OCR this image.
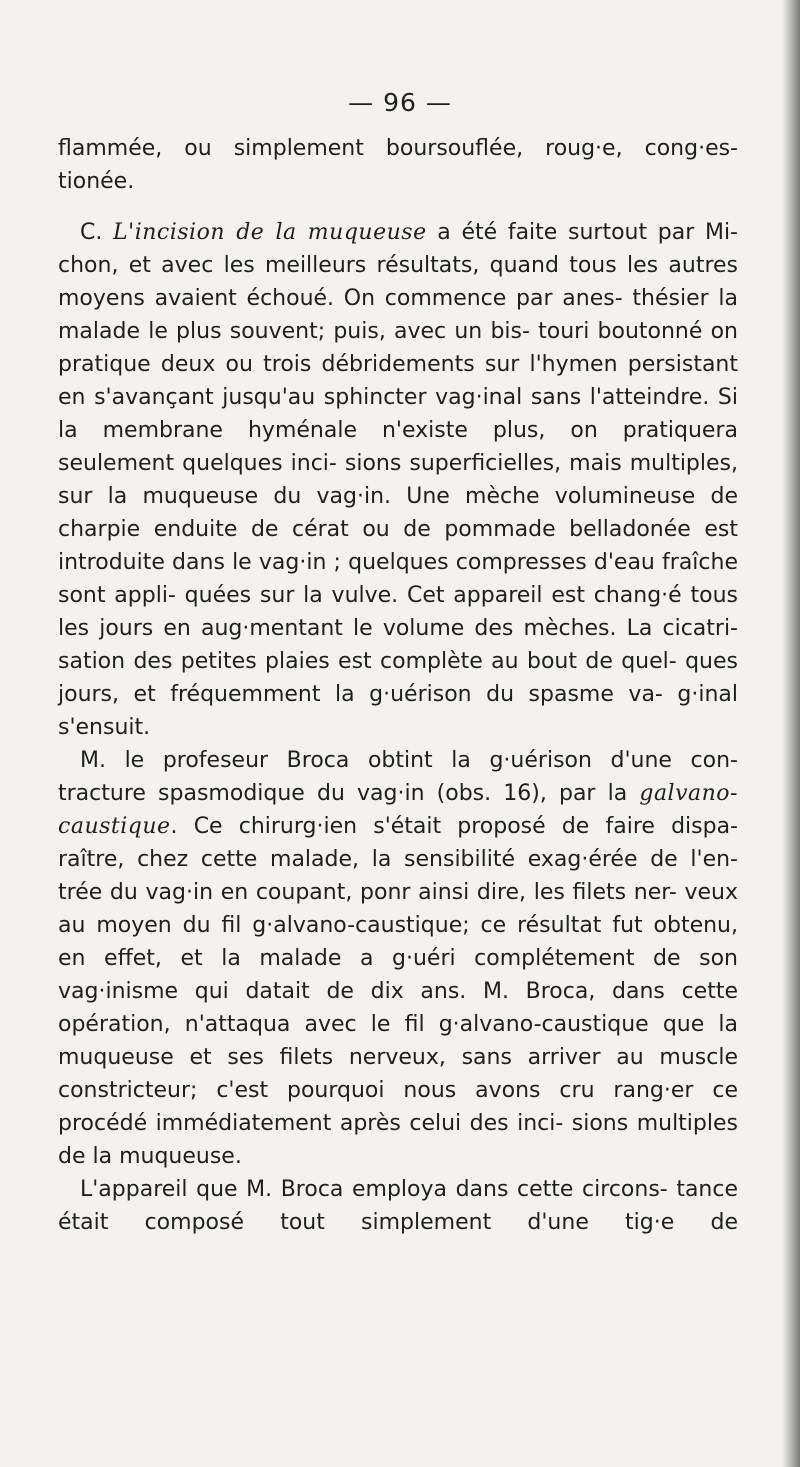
— 96 —

flammée, ou simplement boursouflée, roug·e, cong·es- tionée.

C. L'incision de la muqueuse a été faite surtout par Mi- chon, et avec les meilleurs résultats, quand tous les autres moyens avaient échoué. On commence par anes- thésier la malade le plus souvent; puis, avec un bis- touri boutonné on pratique deux ou trois débridements sur l'hymen persistant en s'avançant jusqu'au sphincter vag·inal sans l'atteindre. Si la membrane hyménale n'existe plus, on pratiquera seulement quelques inci- sions superficielles, mais multiples, sur la muqueuse du vag·in. Une mèche volumineuse de charpie enduite de cérat ou de pommade belladonée est introduite dans le vag·in ; quelques compresses d'eau fraîche sont appli- quées sur la vulve. Cet appareil est chang·é tous les jours en aug·mentant le volume des mèches. La cicatri- sation des petites plaies est complète au bout de quel- ques jours, et fréquemment la g·uérison du spasme va- g·inal s'ensuit.

M. le profeseur Broca obtint la g·uérison d'une con- tracture spasmodique du vag·in (obs. 16), par la galvano- caustique. Ce chirurg·ien s'était proposé de faire dispa- raître, chez cette malade, la sensibilité exag·érée de l'en- trée du vag·in en coupant, ponr ainsi dire, les filets ner- veux au moyen du fil g·alvano-caustique; ce résultat fut obtenu, en effet, et la malade a g·uéri complétement de son vag·inisme qui datait de dix ans. M. Broca, dans cette opération, n'attaqua avec le fil g·alvano-caustique que la muqueuse et ses filets nerveux, sans arriver au muscle constricteur; c'est pourquoi nous avons cru rang·er ce procédé immédiatement après celui des inci- sions multiples de la muqueuse.

L'appareil que M. Broca employa dans cette circons- tance était composé tout simplement d'une tig·e de
